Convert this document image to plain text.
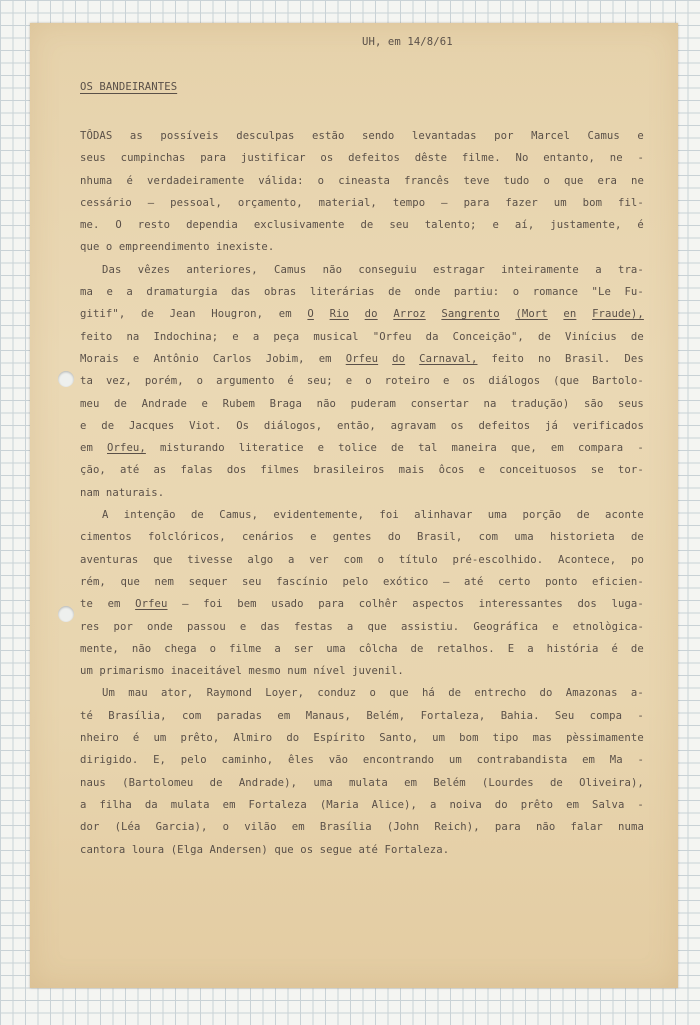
UH, em 14/8/61
OS BANDEIRANTES
TÔDAS as possíveis desculpas estão sendo levantadas por Marcel Camus e
seus cumpinchas para justificar os defeitos dêste filme. No entanto, ne -
nhuma é verdadeiramente válida: o cineasta francês teve tudo o que era ne
cessário — pessoal, orçamento, material, tempo — para fazer um bom fil-
me. O resto dependia exclusivamente de seu talento; e aí, justamente, é
que o empreendimento inexiste.
Das vêzes anteriores, Camus não conseguiu estragar inteiramente a tra-
ma e a dramaturgia das obras literárias de onde partiu: o romance "Le Fu-
gitif", de Jean Hougron, em O Rio do Arroz Sangrento (Mort en Fraude),
feito na Indochina; e a peça musical "Orfeu da Conceição", de Vinícius de
Morais e Antônio Carlos Jobim, em Orfeu do Carnaval, feito no Brasil. Des
ta vez, porém, o argumento é seu; e o roteiro e os diálogos (que Bartolo-
meu de Andrade e Rubem Braga não puderam consertar na tradução) são seus
e de Jacques Viot. Os diálogos, então, agravam os defeitos já verificados
em Orfeu, misturando literatice e tolice de tal maneira que, em compara -
ção, até as falas dos filmes brasileiros mais ôcos e conceituosos se tor-
nam naturais.
A intenção de Camus, evidentemente, foi alinhavar uma porção de aconte
cimentos folclóricos, cenários e gentes do Brasil, com uma historieta de
aventuras que tivesse algo a ver com o título pré-escolhido. Acontece, po
rém, que nem sequer seu fascínio pelo exótico — até certo ponto eficien-
te em Orfeu — foi bem usado para colhêr aspectos interessantes dos luga-
res por onde passou e das festas a que assistiu. Geográfica e etnològica-
mente, não chega o filme a ser uma côlcha de retalhos. E a história é de
um primarismo inaceitável mesmo num nível juvenil.
Um mau ator, Raymond Loyer, conduz o que há de entrecho do Amazonas a-
té Brasília, com paradas em Manaus, Belém, Fortaleza, Bahia. Seu compa -
nheiro é um prêto, Almiro do Espírito Santo, um bom tipo mas pèssimamente
dirigido. E, pelo caminho, êles vão encontrando um contrabandista em Ma -
naus (Bartolomeu de Andrade), uma mulata em Belém (Lourdes de Oliveira),
a filha da mulata em Fortaleza (Maria Alice), a noiva do prêto em Salva -
dor (Léa Garcia), o vilão em Brasília (John Reich), para não falar numa
cantora loura (Elga Andersen) que os segue até Fortaleza.
